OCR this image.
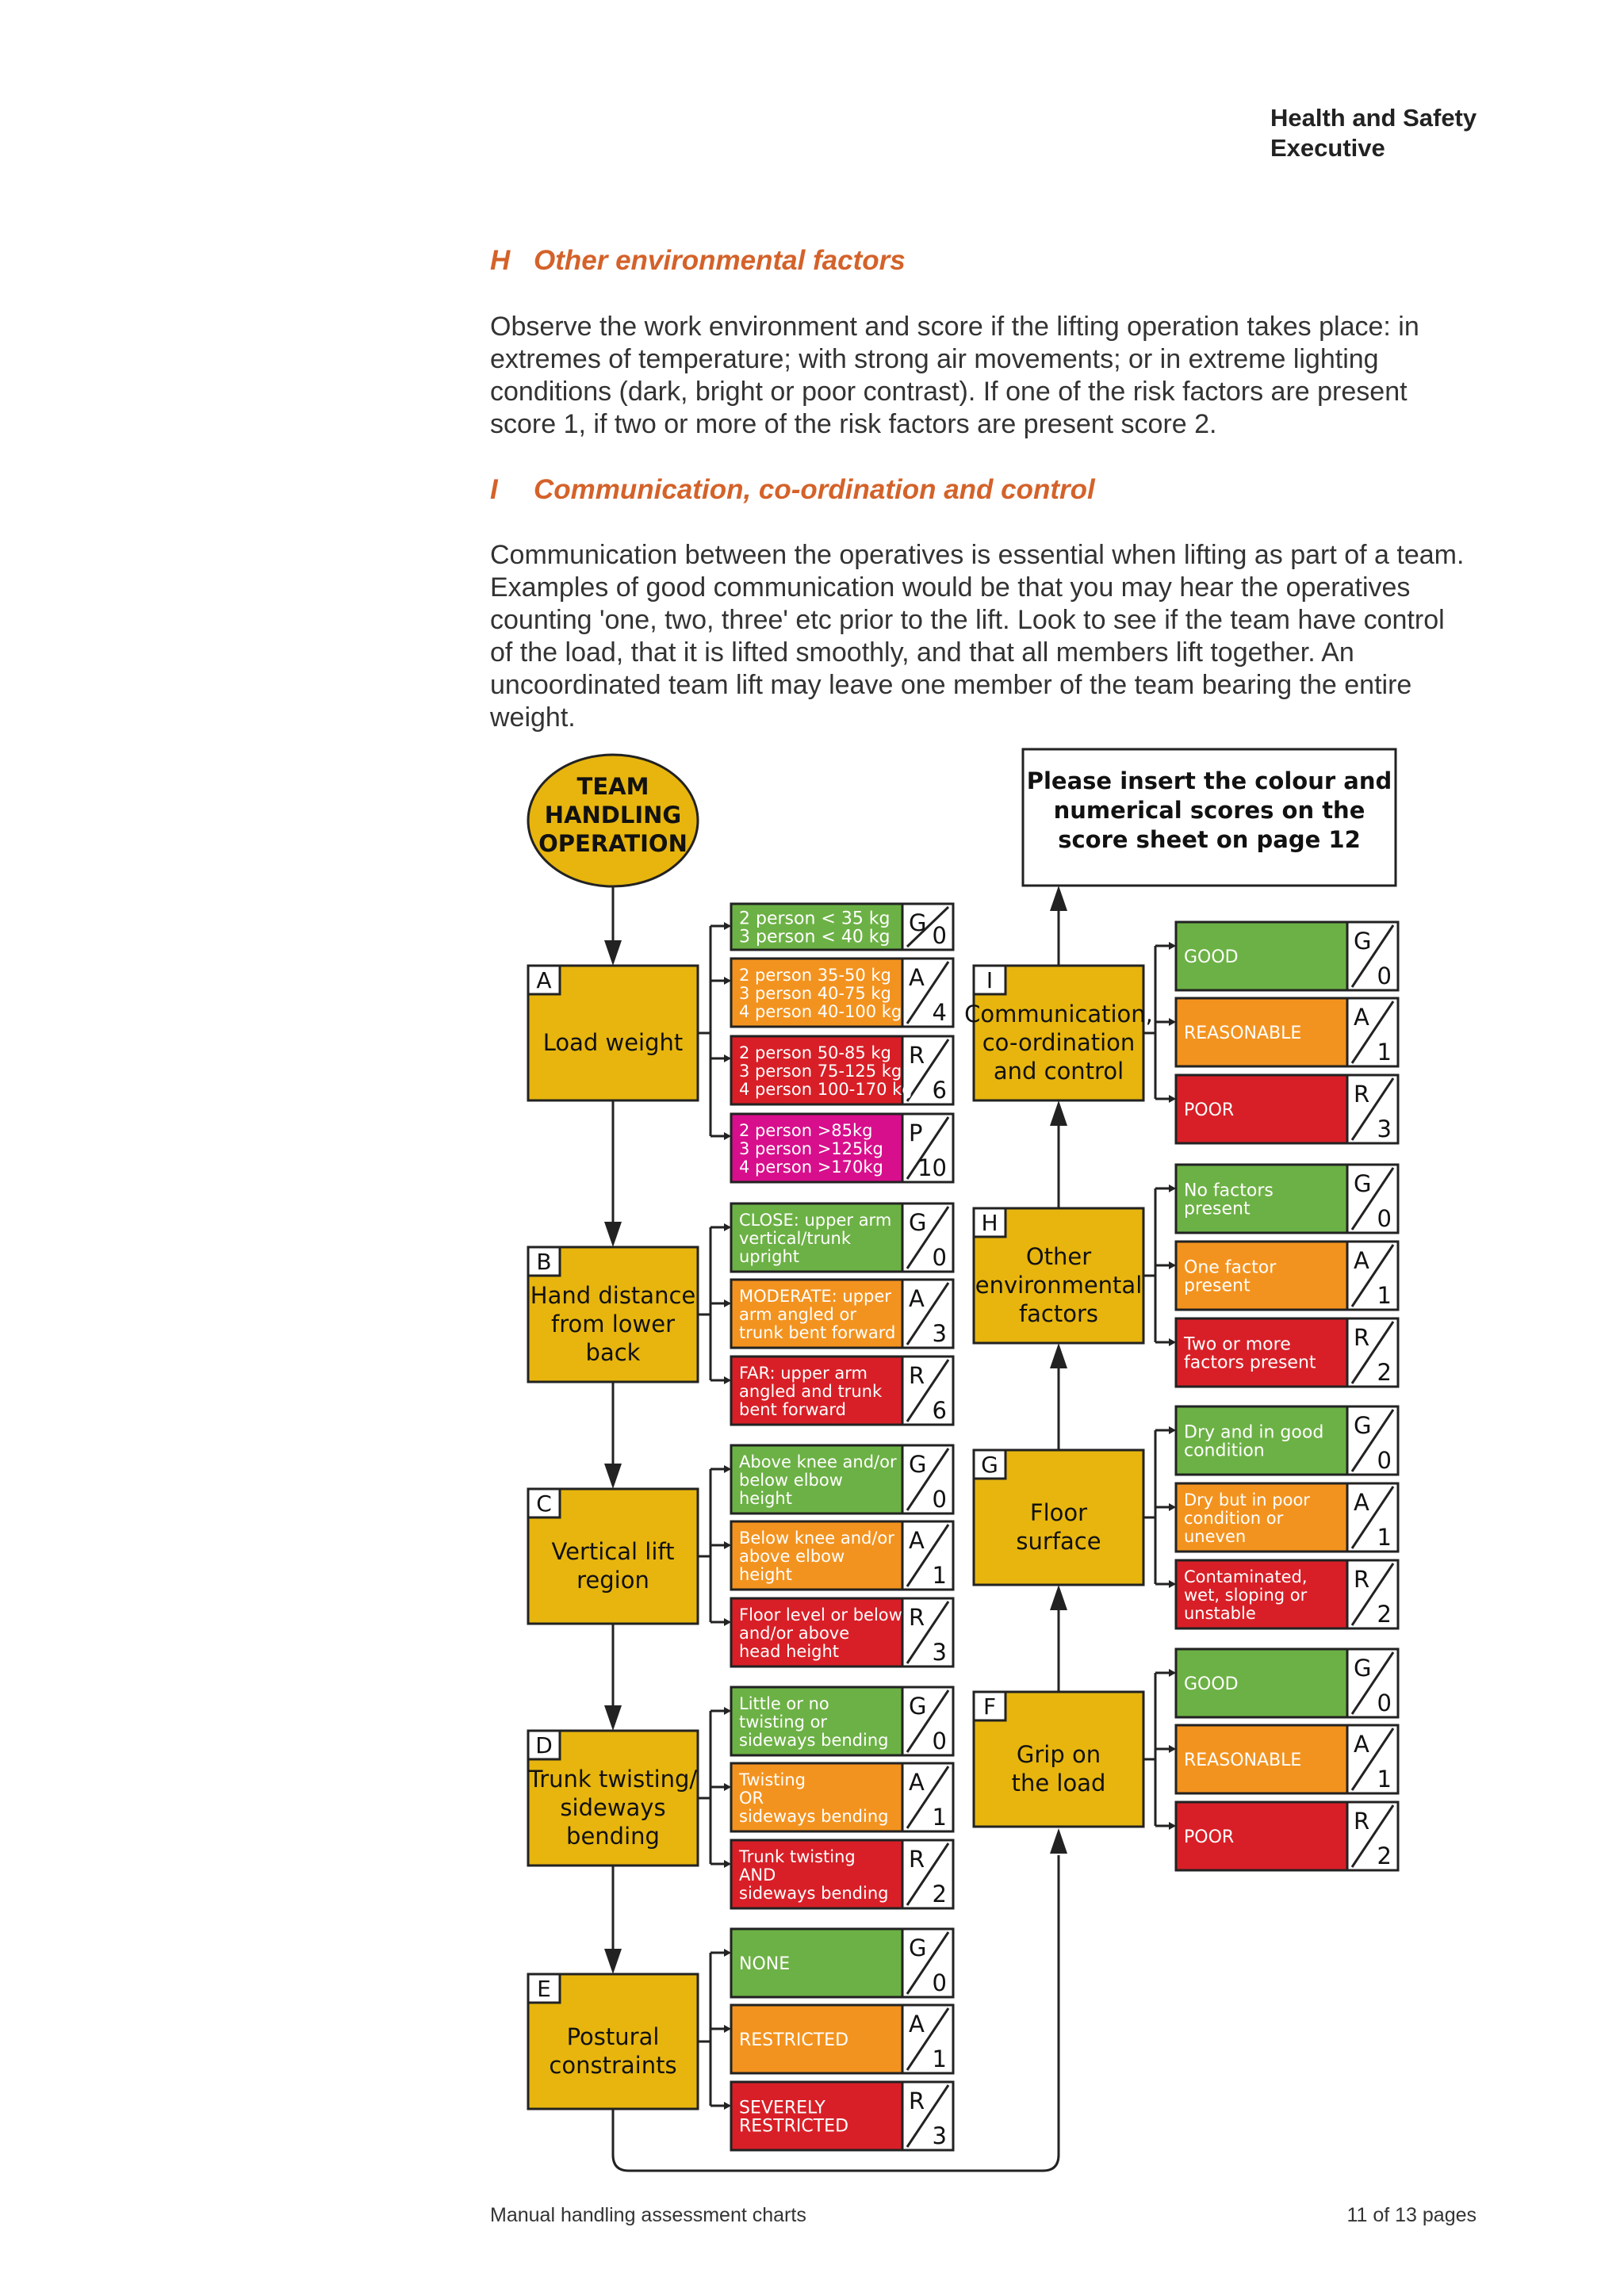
Health and Safety
Executive
H Other environmental factors
Observe the work environment and score if the lifting operation takes place: in
extremes of temperature; with strong air movements; or in extreme lighting
conditions (dark, bright or poor contrast). If one of the risk factors are present
score 1, if two or more of the risk factors are present score 2.
I Communication, co-ordination and control
Communication between the operatives is essential when lifting as part of a team.
Examples of good communication would be that you may hear the operatives
counting 'one, two, three' etc prior to the lift. Look to see if the team have control
of the load, that it is lifted smoothly, and that all members lift together. An
uncoordinated team lift may leave one member of the team bearing the entire
weight.
TEAM
HANDLING
OPERATION
Please insert the colour and
numerical scores on the
score sheet on page 12
A
Load weight
G 0
2 person < 35 kg
3 person < 40 kg
A
4
2 person 35-50 kg
3 person 40-75 kg
4 person 40-100 kg
R
6
2 person 50-85 kg
3 person 75-125 kg
4 person 100-170 kg
P
10
2 person >85kg
3 person >125kg
4 person >170kg
B
Hand distance
from lower
back
G
0
CLOSE: upper arm
vertical/trunk
upright
A
3
MODERATE: upper
arm angled or
trunk bent forward
R
6
FAR: upper arm
angled and trunk
bent forward
C
Vertical lift
region
G
0
Above knee and/or
below elbow
height
A
1
Below knee and/or
above elbow
height
R
3
Floor level or below
and/or above
head height
D
Trunk twisting/
sideways
bending
G
0
Little or no
twisting or
sideways bending
A
1
Twisting
OR
sideways bending
R
2
Trunk twisting
AND
sideways bending
E
Postural
constraints
G
0
NONE
A
1
RESTRICTED
R
3
SEVERELY
RESTRICTED
F
Grip on
the load
G
0
GOOD
A
1
REASONABLE
R
2
POOR
G
Floor
surface
G
0
Dry and in good
condition
A
1
Dry but in poor
condition or
uneven
R
2
Contaminated,
wet, sloping or
unstable
H
Other
environmental
factors
G
0
No factors
present
A
1
One factor
present
R
2
Two or more
factors present
I
Communication,
co-ordination
and control
G
0
GOOD
A
1
REASONABLE
R
3
POOR
Manual handling assessment charts	11 of 13 pages
